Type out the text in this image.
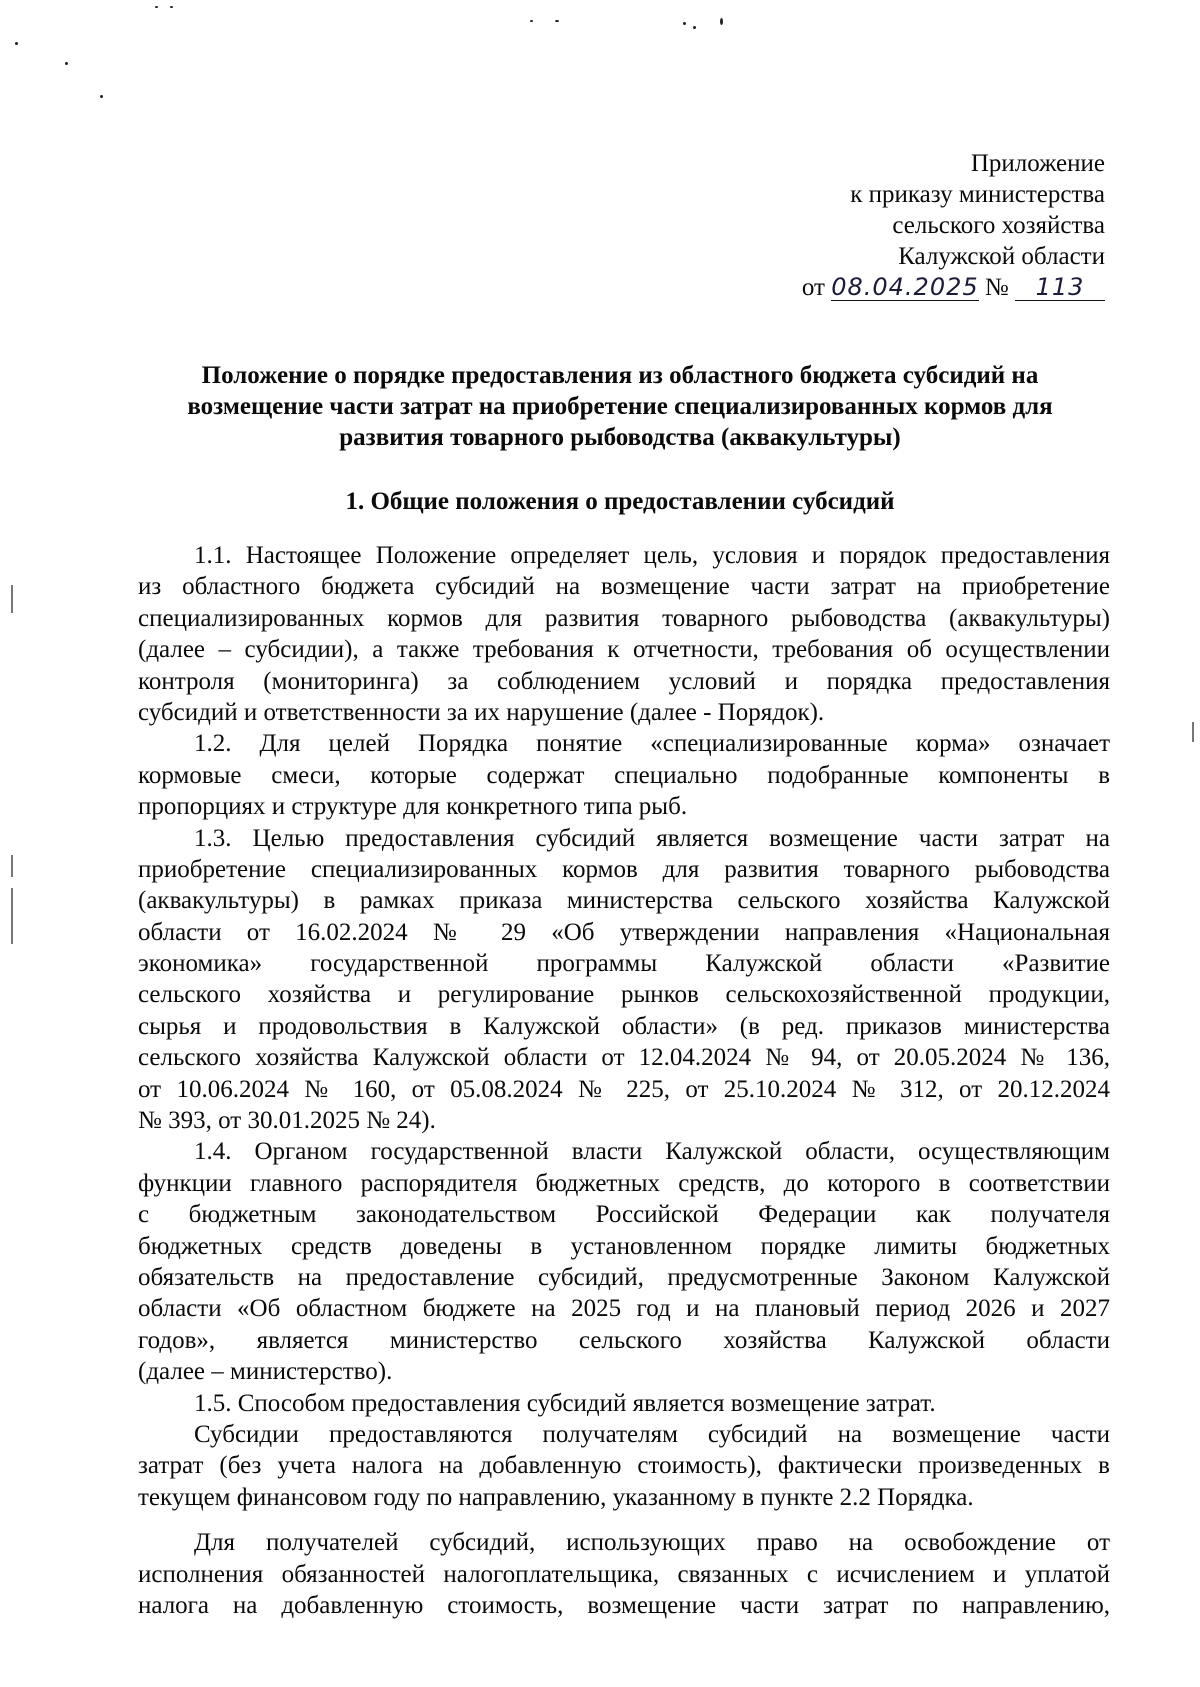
Приложение
к приказу министерства
сельского хозяйства
Калужской области
от 08.04.2025 № 113
Положение о порядке предоставления из областного бюджета субсидий на
возмещение части затрат на приобретение специализированных кормов для
развития товарного рыбоводства (аквакультуры)
1. Общие положения о предоставлении субсидий
1.1. Настоящее Положение определяет цель, условия и порядок предоставления
из областного бюджета субсидий на возмещение части затрат на приобретение
специализированных кормов для развития товарного рыбоводства (аквакультуры)
(далее – субсидии), а также требования к отчетности, требования об осуществлении
контроля (мониторинга) за соблюдением условий и порядка предоставления
субсидий и ответственности за их нарушение (далее - Порядок).
1.2. Для целей Порядка понятие «специализированные корма» означает
кормовые смеси, которые содержат специально подобранные компоненты в
пропорциях и структуре для конкретного типа рыб.
1.3. Целью предоставления субсидий является возмещение части затрат на
приобретение специализированных кормов для развития товарного рыбоводства
(аквакультуры) в рамках приказа министерства сельского хозяйства Калужской
области от 16.02.2024 № 29 «Об утверждении направления «Национальная
экономика» государственной программы Калужской области «Развитие
сельского хозяйства и регулирование рынков сельскохозяйственной продукции,
сырья и продовольствия в Калужской области» (в ред. приказов министерства
сельского хозяйства Калужской области от 12.04.2024 № 94, от 20.05.2024 № 136,
от 10.06.2024 № 160, от 05.08.2024 № 225, от 25.10.2024 № 312, от 20.12.2024
№ 393, от 30.01.2025 № 24).
1.4. Органом государственной власти Калужской области, осуществляющим
функции главного распорядителя бюджетных средств, до которого в соответствии
с бюджетным законодательством Российской Федерации как получателя
бюджетных средств доведены в установленном порядке лимиты бюджетных
обязательств на предоставление субсидий, предусмотренные Законом Калужской
области «Об областном бюджете на 2025 год и на плановый период 2026 и 2027
годов», является министерство сельского хозяйства Калужской области
(далее – министерство).
1.5. Способом предоставления субсидий является возмещение затрат.
Субсидии предоставляются получателям субсидий на возмещение части
затрат (без учета налога на добавленную стоимость), фактически произведенных в
текущем финансовом году по направлению, указанному в пункте 2.2 Порядка.
Для получателей субсидий, использующих право на освобождение от
исполнения обязанностей налогоплательщика, связанных с исчислением и уплатой
налога на добавленную стоимость, возмещение части затрат по направлению,
